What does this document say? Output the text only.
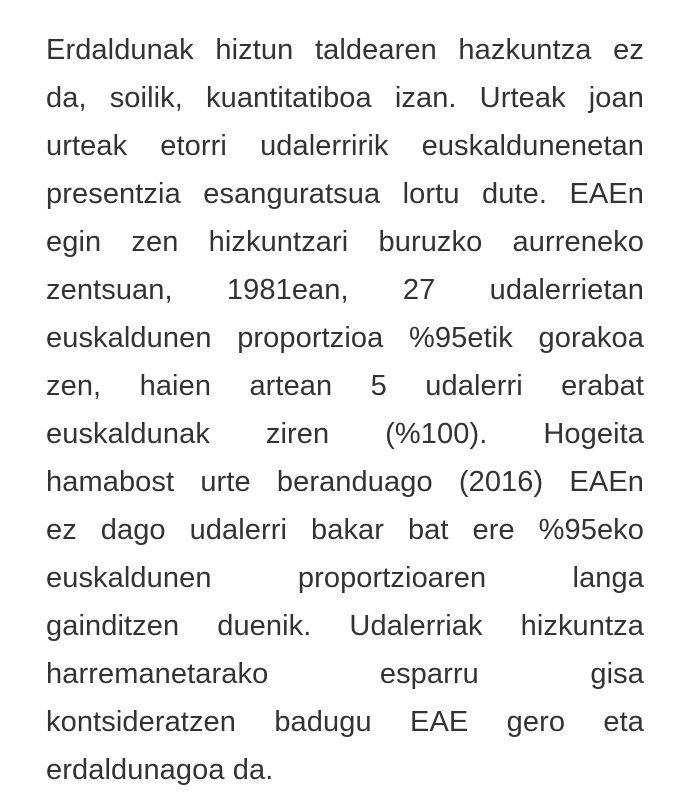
Erdaldunak hiztun taldearen hazkuntza ez
da, soilik, kuantitatiboa izan. Urteak joan
urteak etorri udalerririk euskaldunenetan
presentzia esanguratsua lortu dute. EAEn
egin zen hizkuntzari buruzko aurreneko
zentsuan, 1981ean, 27 udalerrietan
euskaldunen proportzioa %95etik gorakoa
zen, haien artean 5 udalerri erabat
euskaldunak ziren (%100). Hogeita
hamabost urte beranduago (2016) EAEn
ez dago udalerri bakar bat ere %95eko
euskaldunen proportzioaren langa
gainditzen duenik. Udalerriak hizkuntza
harremanetarako esparru gisa
kontsideratzen badugu EAE gero eta
erdaldunagoa da.
